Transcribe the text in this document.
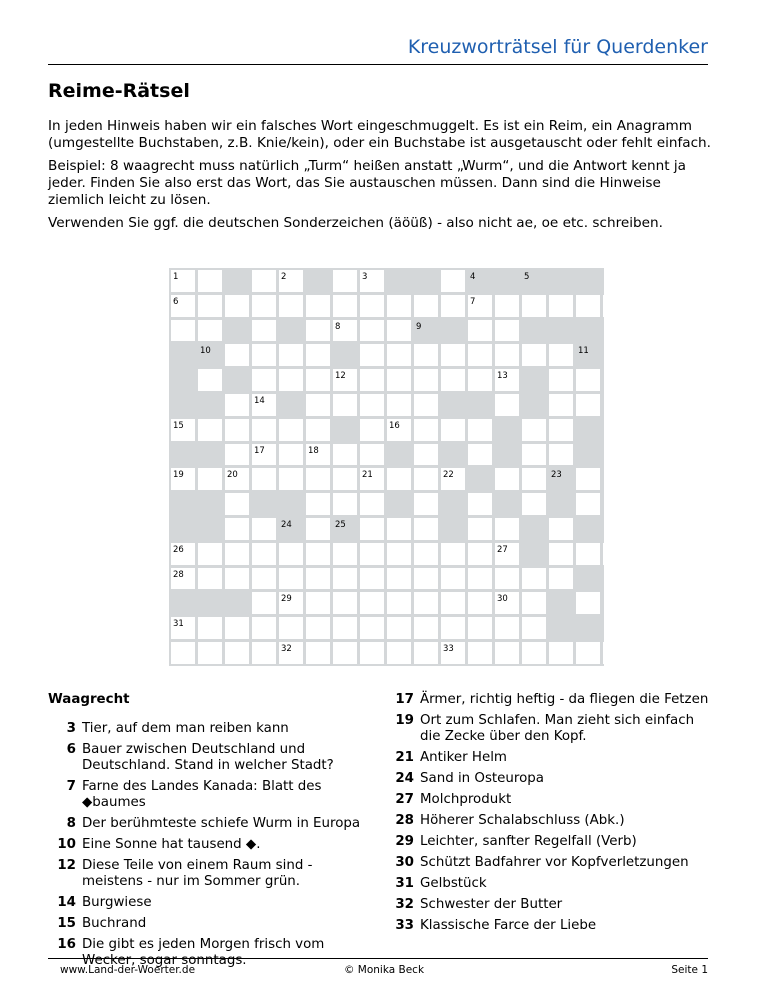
Kreuzworträtsel für Querdenker
Reime-Rätsel

In jeden Hinweis haben wir ein falsches Wort eingeschmuggelt. Es ist ein Reim, ein Anagramm (umgestellte Buchstaben, z.B. Knie/kein), oder ein Buchstabe ist ausgetauscht oder fehlt einfach.

Beispiel: 8 waagrecht muss natürlich „Turm“ heißen anstatt „Wurm“, und die Antwort kennt ja jeder. Finden Sie also erst das Wort, das Sie austauschen müssen. Dann sind die Hinweise ziemlich leicht zu lösen.

Verwenden Sie ggf. die deutschen Sonderzeichen (äöüß) - also nicht ae, oe etc. schreiben.

1	2	3	4	5
6	7
8	9
10	11
12	13
14
15	16
17	18
19	20	21	22	23
24	25
26	27
28
29	30
31
32	33
Waagrecht
3 Tier, auf dem man reiben kann
6 Bauer zwischen Deutschland und Deutschland. Stand in welcher Stadt?
7 Farne des Landes Kanada: Blatt des ◆baumes
8 Der berühmteste schiefe Wurm in Europa
10 Eine Sonne hat tausend ◆.
12 Diese Teile von einem Raum sind - meistens - nur im Sommer grün.
14 Burgwiese
15 Buchrand
16 Die gibt es jeden Morgen frisch vom Wecker, sogar sonntags.
17 Ärmer, richtig heftig - da fliegen die Fetzen
19 Ort zum Schlafen. Man zieht sich einfach die Zecke über den Kopf.
21 Antiker Helm
24 Sand in Osteuropa
27 Molchprodukt
28 Höherer Schalabschluss (Abk.)
29 Leichter, sanfter Regelfall (Verb)
30 Schützt Badfahrer vor Kopfverletzungen
31 Gelbstück
32 Schwester der Butter
33 Klassische Farce der Liebe
www.Land-der-Woerter.de	© Monika Beck	Seite 1
